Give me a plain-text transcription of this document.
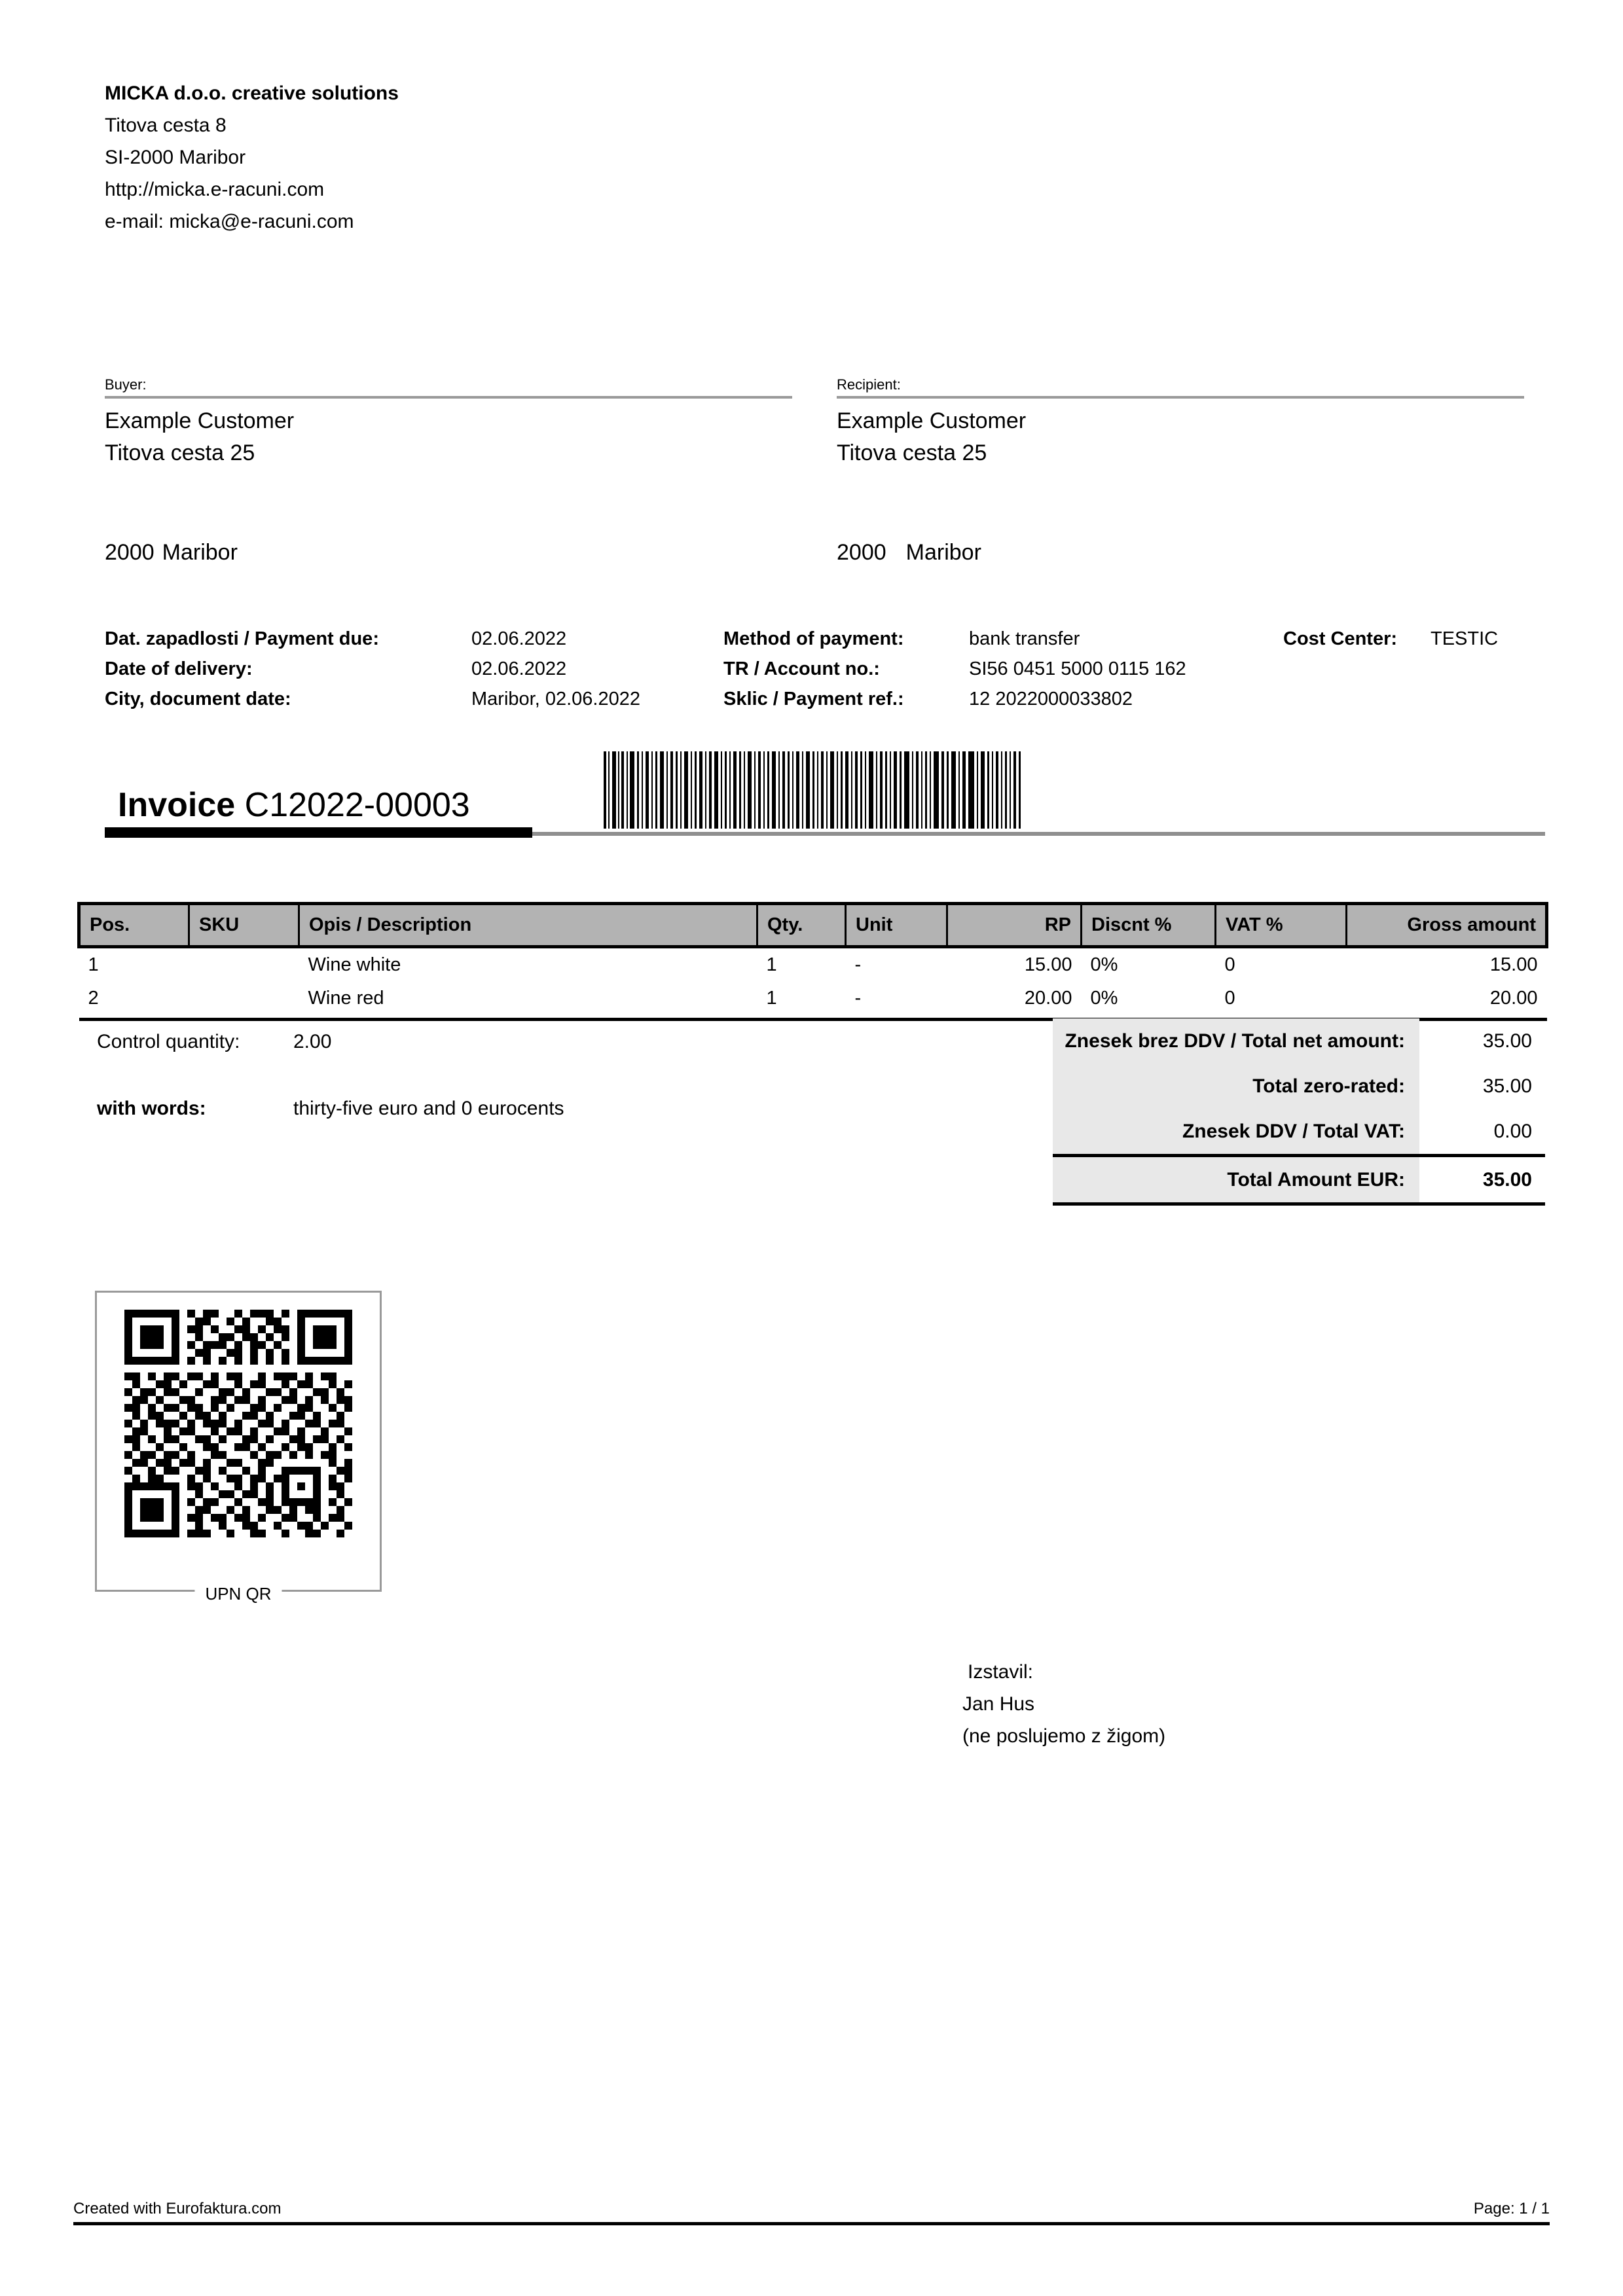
MICKA d.o.o. creative solutions
Titova cesta 8
SI-2000 Maribor
http://micka.e-racuni.com
e-mail: micka@e-racuni.com
Buyer:
Example Customer
Titova cesta 25
2000 Maribor
Recipient:
Example Customer
Titova cesta 25
2000 Maribor
Dat. zapadlosti / Payment due:	02.06.2022	Method of payment:	bank transfer	Cost Center:	TESTIC
Date of delivery:	02.06.2022	TR / Account no.:	SI56 0451 5000 0115 162		
City, document date:	Maribor, 02.06.2022	Sklic / Payment ref.:	12 2022000033802		
Invoice C12022-00003
Pos.	SKU	Opis / Description	Qty.	Unit	RP	Discnt %	VAT %	Gross amount
1		Wine white	1	-	15.00	0%	0	15.00
2		Wine red	1	-	20.00	0%	0	20.00
Control quantity:	2.00
with words:	thirty-five euro and 0 eurocents
Znesek brez DDV / Total net amount:	35.00
Total zero-rated:	35.00
Znesek DDV / Total VAT:	0.00
Total Amount EUR:	35.00
UPN QR
Izstavil:
Jan Hus
(ne poslujemo z žigom)
Created with Eurofaktura.com	Page: 1 / 1
